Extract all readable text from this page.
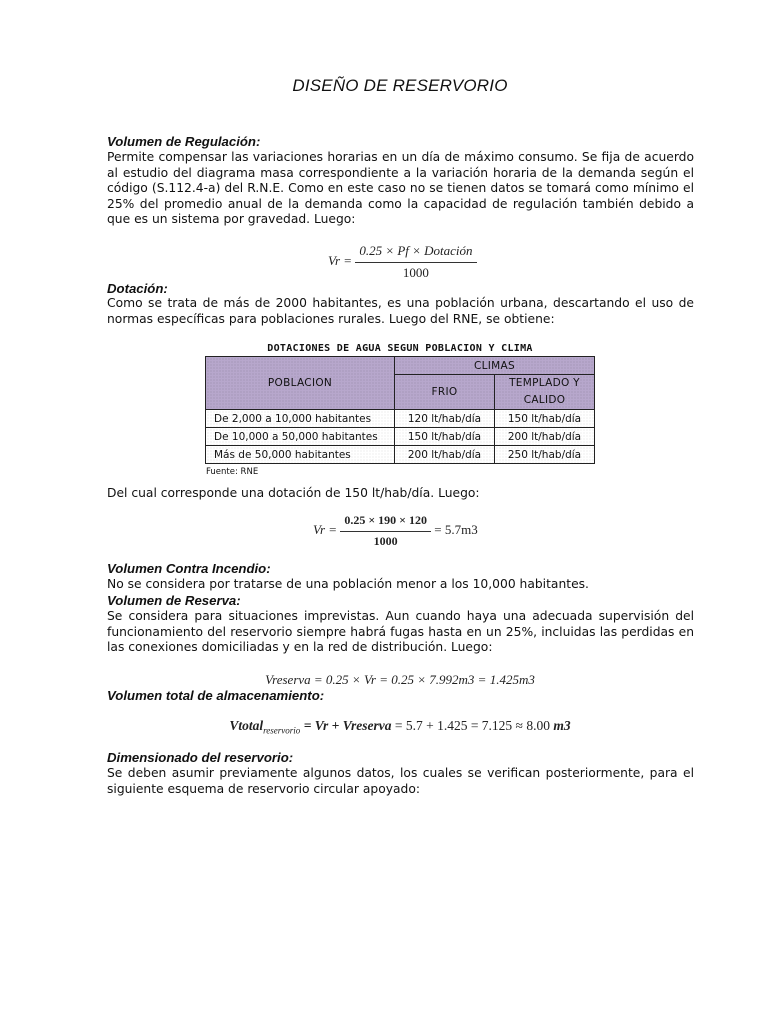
DISEÑO DE RESERVORIO
Volumen de Regulación:

Permite compensar las variaciones horarias en un día de máximo consumo. Se fija de acuerdo al estudio del diagrama masa correspondiente a la variación horaria de la demanda según el código (S.112.4-a) del R.N.E. Como en este caso no se tienen datos se tomará como mínimo el 25% del promedio anual de la demanda como la capacidad de regulación también debido a que es un sistema por gravedad. Luego:

$Vr = \frac{\text{0.25 × Pf × Dotación}}{1000}$
Dotación:

Como se trata de más de 2000 habitantes, es una población urbana, descartando el uso de normas específicas para poblaciones rurales. Luego del RNE, se obtiene:

DOTACIONES DE AGUA SEGUN POBLACION Y CLIMA
POBLACION	CLIMAS	
	FRIO	TEMPLADO Y CALIDO
De 2,000 a 10,000 habitantes	120 lt/hab/día	150 lt/hab/día
De 10,000 a 50,000 habitantes	150 lt/hab/día	200 lt/hab/día
Más de 50,000 habitantes	200 lt/hab/día	250 lt/hab/día
Fuente: RNE

Del cual corresponde una dotación de 150 lt/hab/día. Luego:

$Vr = \frac{0.25 \times 190 \times 120}{1000} = 5.7m3$
Volumen Contra Incendio:

No se considera por tratarse de una población menor a los 10,000 habitantes.

Volumen de Reserva:

Se considera para situaciones imprevistas. Aun cuando haya una adecuada supervisión del funcionamiento del reservorio siempre habrá fugas hasta en un 25%, incluidas las perdidas en las conexiones domiciliadas y en la red de distribución. Luego:

Vreserva = 0.25 × Vr = 0.25 × 7.992m3 = 1.425m3
Volumen total de almacenamiento:
Vtotal$_{reservorio}$ = Vr + Vreserva = 5.7 + 1.425 = 7.125 ≈ 8.00 m3
Dimensionado del reservorio:

Se deben asumir previamente algunos datos, los cuales se verifican posteriormente, para el siguiente esquema de reservorio circular apoyado:
